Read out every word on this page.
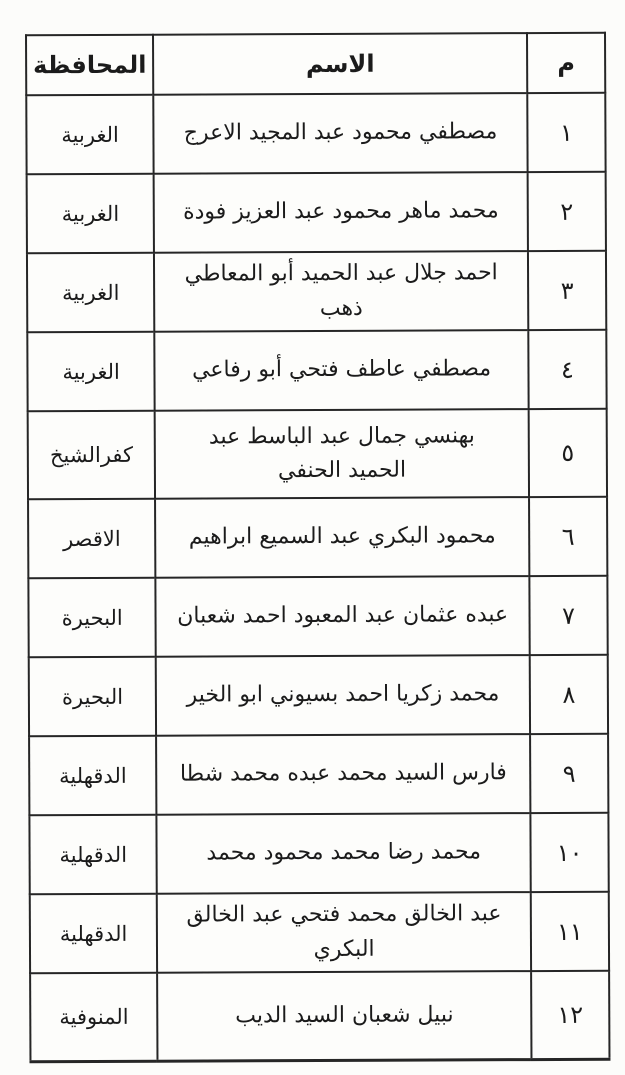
م	الاسم	المحافظة
١	مصطفي محمود عبد المجيد الاعرج	الغربية
٢	محمد ماهر محمود عبد العزيز فودة	الغربية
٣	احمد جلال عبد الحميد أبو المعاطي ذهب	الغربية
٤	مصطفي عاطف فتحي أبو رفاعي	الغربية
٥	بهنسي جمال عبد الباسط عبد الحميد الحنفي	كفرالشيخ
٦	محمود البكري عبد السميع ابراهيم	الاقصر
٧	عبده عثمان عبد المعبود احمد شعبان	البحيرة
٨	محمد زكريا احمد بسيوني ابو الخير	البحيرة
٩	فارس السيد محمد عبده محمد شطا	الدقهلية
١٠	محمد رضا محمد محمود محمد	الدقهلية
١١	عبد الخالق محمد فتحي عبد الخالق البكري	الدقهلية
١٢	نبيل شعبان السيد الديب	المنوفية
